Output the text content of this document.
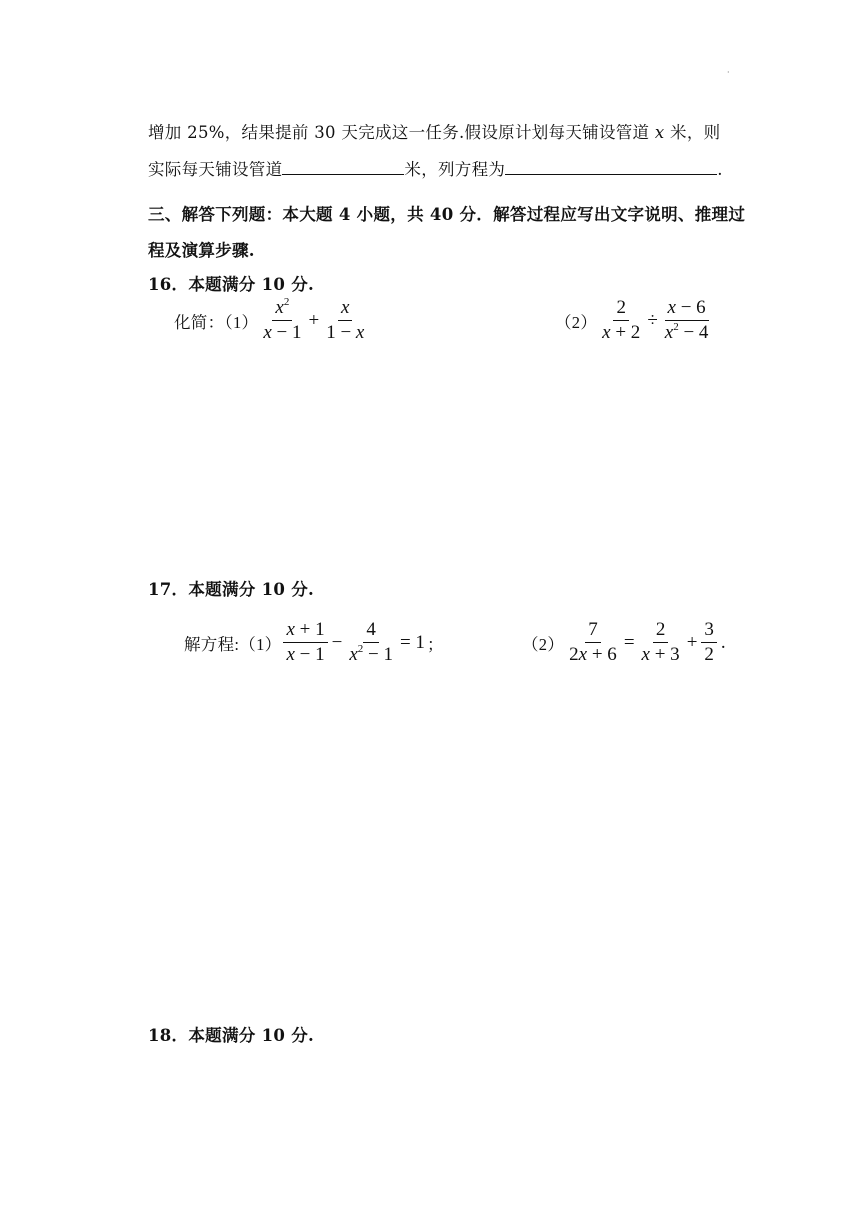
·
增加 25%，结果提前 30 天完成这一任务.假设原计划每天铺设管道 x 米，则
实际每天铺设管道	米，列方程为	.
三、解答下列题：本大题 4 小题，共 40 分．解答过程应写出文字说明、推理过
程及演算步骤.
16．本题满分 10 分.
化简：$(1) \frac{x^2}{x - 1} + \frac{x}{1 - x}$	$(2) \frac{2}{x + 2} \div \frac{x - 6}{x^2 - 4}$
17．本题满分 10 分.
解方程:（1） $\frac{x + 1}{x - 1} - \frac{4}{x^2 - 1} = 1$ ；	$(2) \frac{7}{2x + 6} = \frac{2}{x + 3} + \frac{3}{2}$ .
18．本题满分 10 分.
